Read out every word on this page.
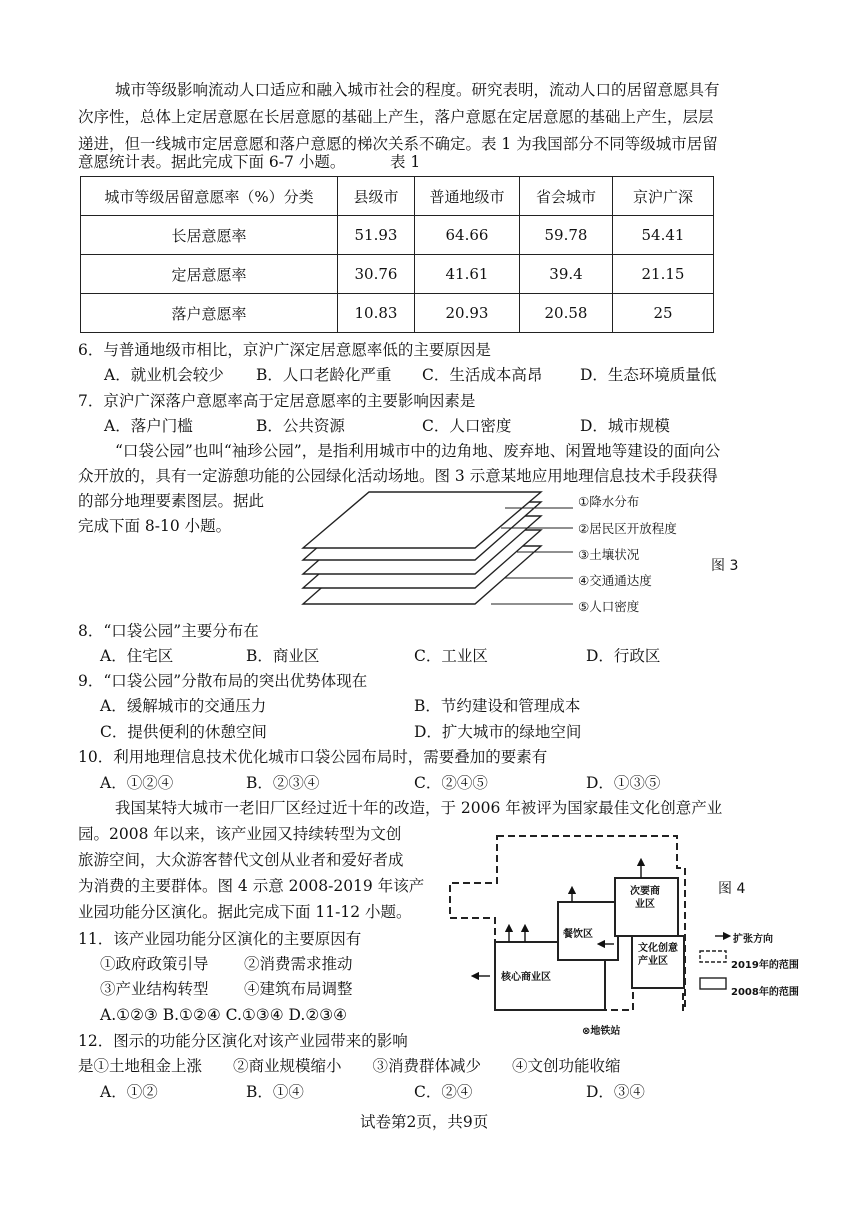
城市等级影响流动人口适应和融入城市社会的程度。研究表明，流动人口的居留意愿具有
次序性，总体上定居意愿在长居意愿的基础上产生，落户意愿在定居意愿的基础上产生，层层
递进，但一线城市定居意愿和落户意愿的梯次关系不确定。表 1 为我国部分不同等级城市居留
意愿统计表。据此完成下面 6-7 小题。	表 1
城市等级居留意愿率（%）分类	县级市	普通地级市	省会城市	京沪广深
长居意愿率	51.93	64.66	59.78	54.41
定居意愿率	30.76	41.61	39.4	21.15
落户意愿率	10.83	20.93	20.58	25
6．与普通地级市相比，京沪广深定居意愿率低的主要原因是
A．就业机会较少 B．人口老龄化严重 C．生活成本高昂 D．生态环境质量低
7．京沪广深落户意愿率高于定居意愿率的主要影响因素是
A．落户门槛	B．公共资源	C．人口密度	D．城市规模
“口袋公园”也叫“袖珍公园”，是指利用城市中的边角地、废弃地、闲置地等建设的面向公
众开放的，具有一定游憩功能的公园绿化活动场地。图 3 示意某地应用地理信息技术手段获得
的部分地理要素图层。据此
完成下面 8-10 小题。
①降水分布
②居民区开放程度
③土壤状况
④交通通达度
⑤人口密度
图 3
8．“口袋公园”主要分布在
A．住宅区	B．商业区	C．工业区	D．行政区
9．“口袋公园”分散布局的突出优势体现在
A．缓解城市的交通压力	B．节约建设和管理成本
C．提供便利的休憩空间	D．扩大城市的绿地空间
10．利用地理信息技术优化城市口袋公园布局时，需要叠加的要素有
A．①②④	B．②③④	C．②④⑤	D．①③⑤
我国某特大城市一老旧厂区经过近十年的改造，于 2006 年被评为国家最佳文化创意产业
园。2008 年以来，该产业园又持续转型为文创
旅游空间，大众游客替代文创从业者和爱好者成
为消费的主要群体。图 4 示意 2008-2019 年该产
业园功能分区演化。据此完成下面 11-12 小题。
次要商业区
餐饮区
文化创意产业区
核心商业区
⊗地铁站
扩张方向
2019年的范围
2008年的范围
图 4
11．该产业园功能分区演化的主要原因有
①政府政策引导 ②消费需求推动
③产业结构转型 ④建筑布局调整
A.①②③ B.①②④ C.①③④ D.②③④
12．图示的功能分区演化对该产业园带来的影响
是①土地租金上涨　　②商业规模缩小　　③消费群体减少　　④文创功能收缩
A．①②	B．①④	C．②④	D．③④
试卷第2页，共9页
